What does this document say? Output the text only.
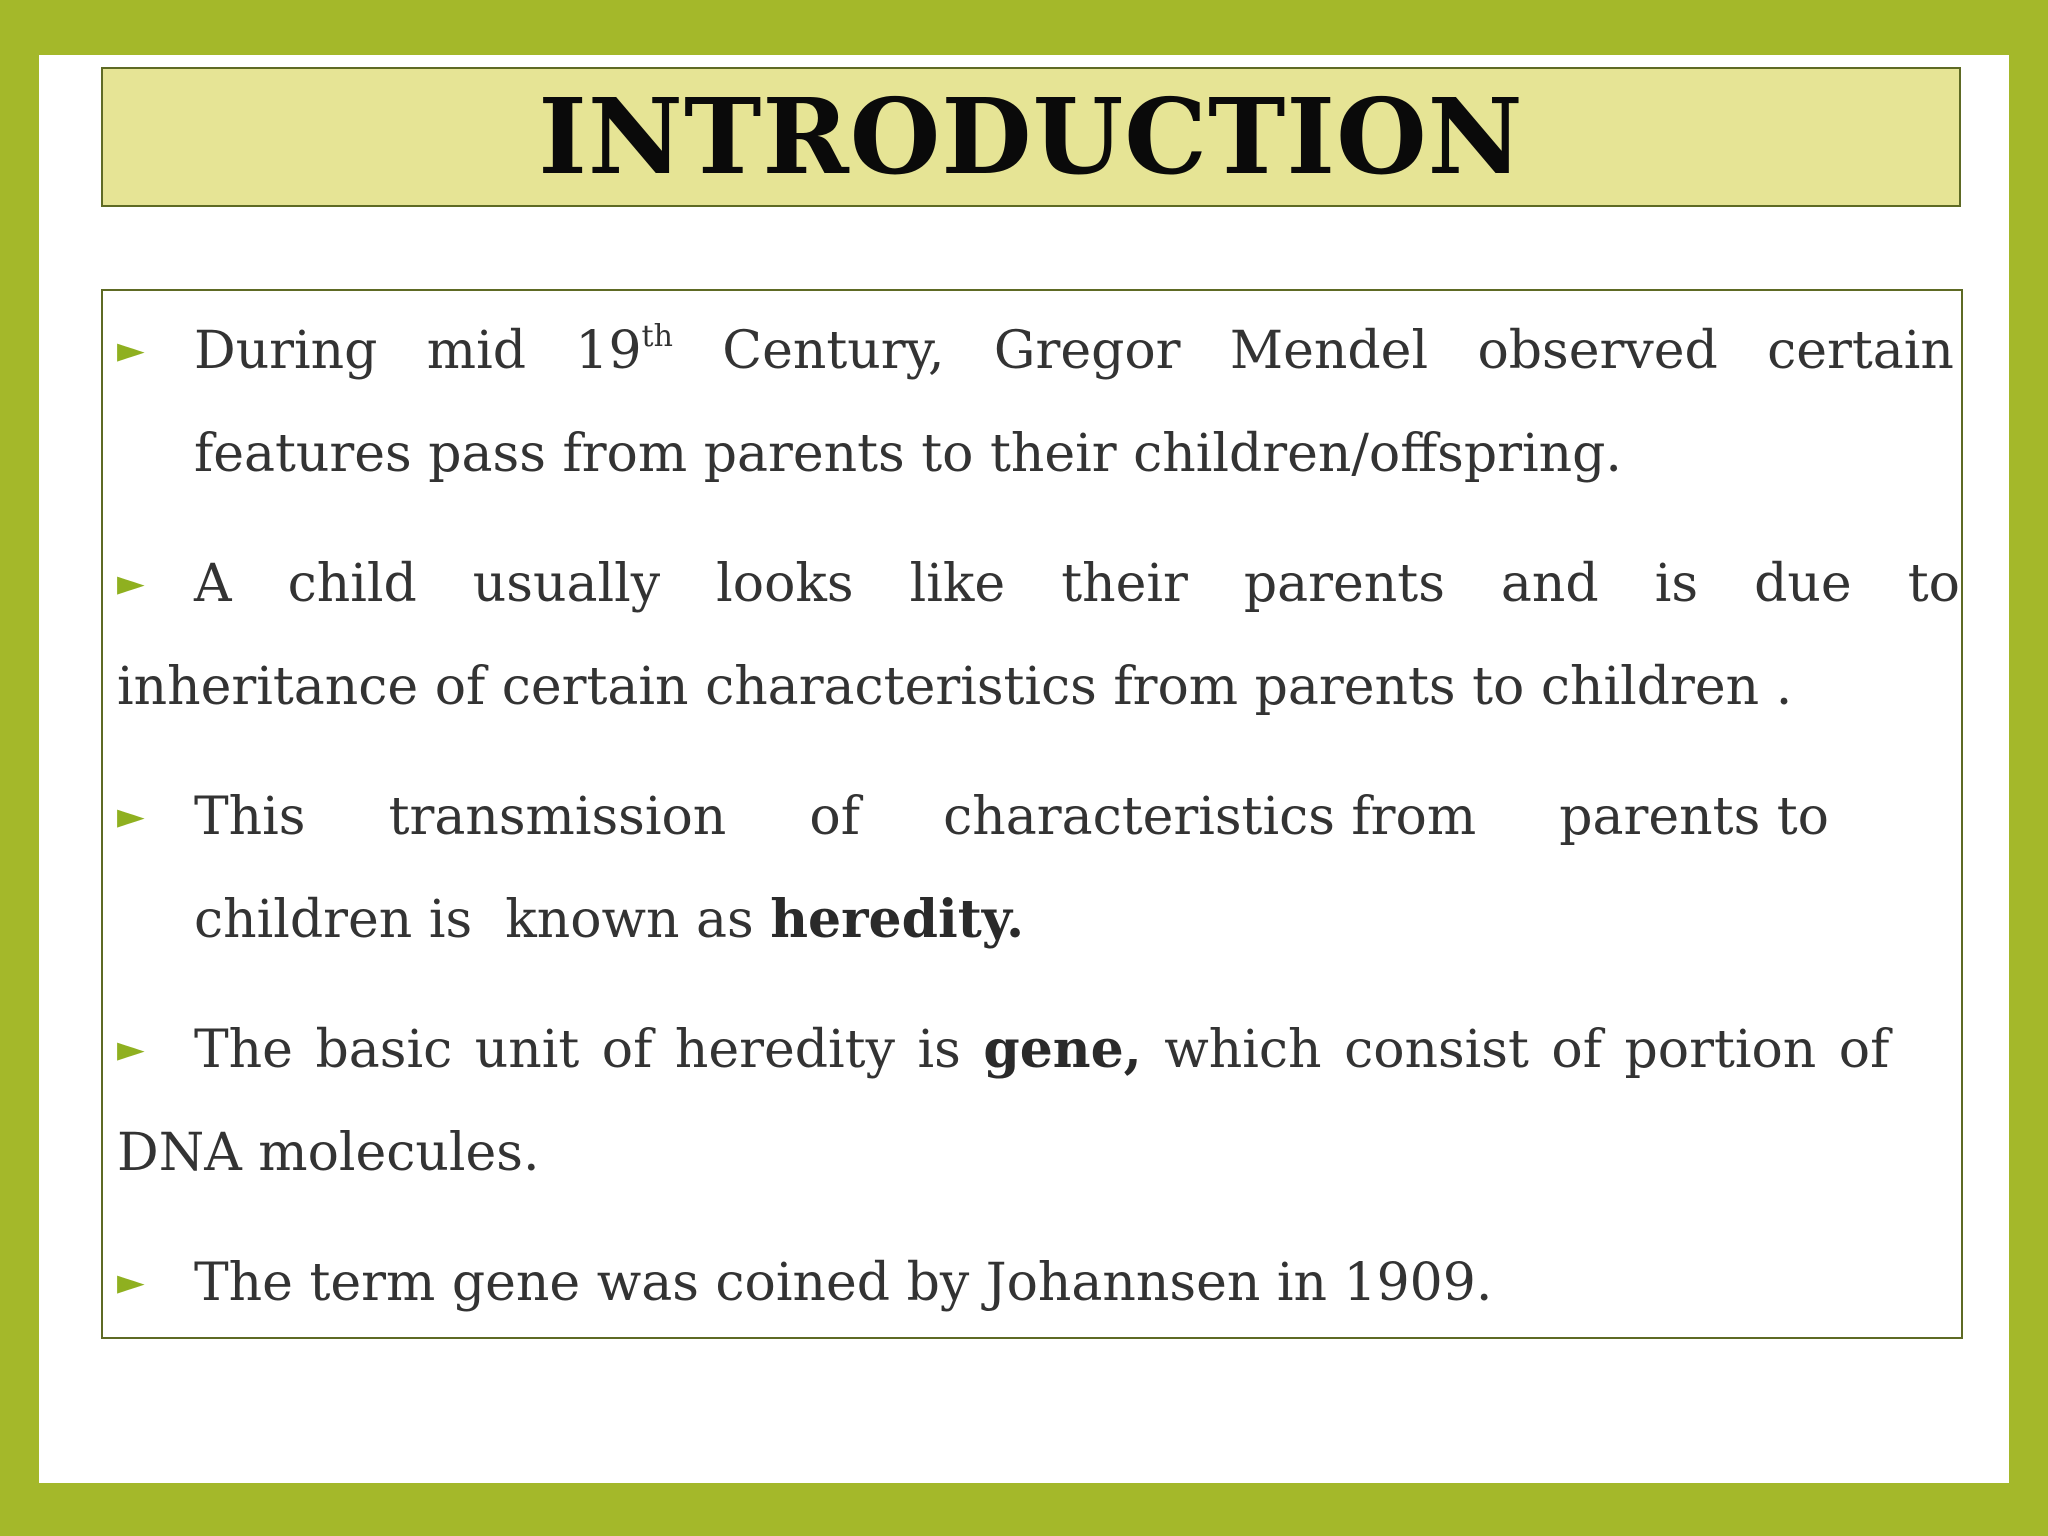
INTRODUCTION
► During mid 19th Century, Gregor Mendel observed certain
features pass from parents to their children/offspring.
► A child usually looks like their parents and is due to
inheritance of certain characteristics from parents to children .
► This transmission of characteristics from parents to
children is  known as heredity.
► The basic unit of heredity is gene, which consist of portion of
DNA molecules.
► The term gene was coined by Johannsen in 1909.
